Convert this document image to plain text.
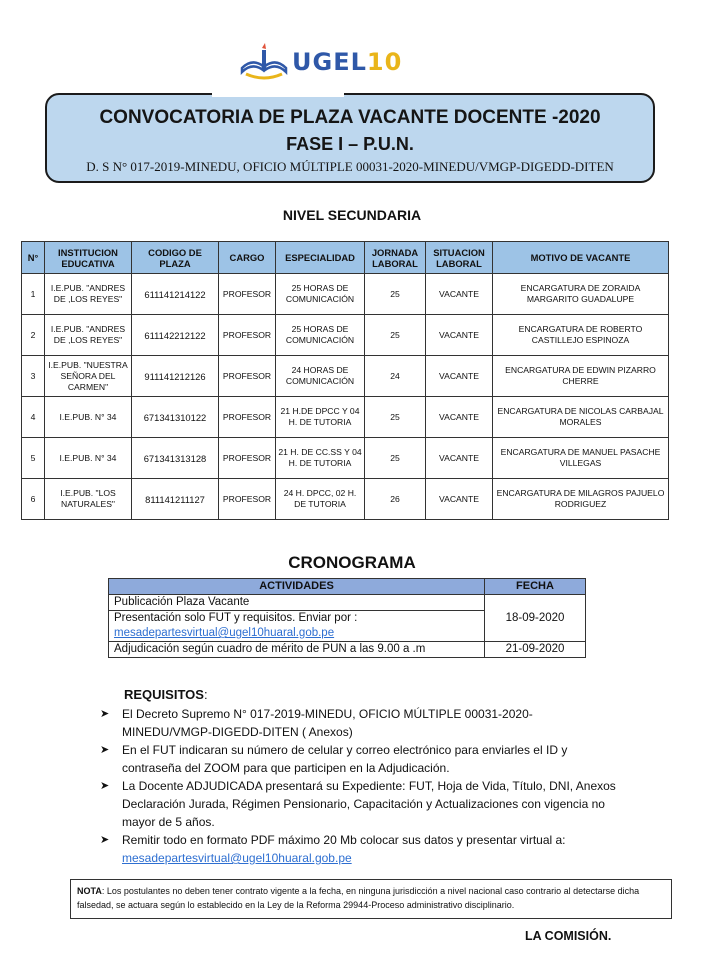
UGEL10
CONVOCATORIA DE PLAZA VACANTE DOCENTE -2020
FASE I – P.U.N.
D. S N° 017-2019-MINEDU, OFICIO MÚLTIPLE 00031-2020-MINEDU/VMGP-DIGEDD-DITEN
NIVEL SECUNDARIA
N°	INSTITUCION EDUCATIVA	CODIGO DE PLAZA	CARGO	ESPECIALIDAD	JORNADA LABORAL	SITUACION LABORAL	MOTIVO DE VACANTE
1	I.E.PUB. "ANDRES DE ,LOS REYES"	611141214122	PROFESOR	25 HORAS DE COMUNICACIÓN	25	VACANTE	ENCARGATURA DE ZORAIDA MARGARITO GUADALUPE
2	I.E.PUB. "ANDRES DE ,LOS REYES"	611142212122	PROFESOR	25 HORAS DE COMUNICACIÓN	25	VACANTE	ENCARGATURA DE ROBERTO CASTILLEJO ESPINOZA
3	I.E.PUB. "NUESTRA SEÑORA DEL CARMEN"	911141212126	PROFESOR	24 HORAS DE COMUNICACIÓN	24	VACANTE	ENCARGATURA DE EDWIN PIZARRO CHERRE
4	I.E.PUB. N° 34	671341310122	PROFESOR	21 H.DE DPCC Y 04 H. DE TUTORIA	25	VACANTE	ENCARGATURA DE NICOLAS CARBAJAL MORALES
5	I.E.PUB. N° 34	671341313128	PROFESOR	21 H. DE CC.SS Y 04 H. DE TUTORIA	25	VACANTE	ENCARGATURA DE MANUEL PASACHE VILLEGAS
6	I.E.PUB. "LOS NATURALES"	811141211127	PROFESOR	24 H. DPCC, 02 H. DE TUTORIA	26	VACANTE	ENCARGATURA DE MILAGROS PAJUELO RODRIGUEZ
CRONOGRAMA
ACTIVIDADES	FECHA
Publicación Plaza Vacante	18-09-2020
Presentación solo FUT y requisitos. Enviar por :	
mesadepartesvirtual@ugel10huaral.gob.pe	
Adjudicación según cuadro de mérito de PUN a las 9.00 a .m	21-09-2020
REQUISITOS:
➤	El Decreto Supremo N° 017-2019-MINEDU, OFICIO MÚLTIPLE 00031-2020-MINEDU/VMGP-DIGEDD-DITEN ( Anexos)
➤	En el FUT indicaran su número de celular y correo electrónico para enviarles el ID y contraseña del ZOOM para que participen en la Adjudicación.
➤	La Docente ADJUDICADA presentará su Expediente: FUT, Hoja de Vida, Título, DNI, Anexos Declaración Jurada, Régimen Pensionario, Capacitación y Actualizaciones con vigencia no mayor de 5 años.
➤	Remitir todo en formato PDF máximo 20 Mb colocar sus datos y presentar virtual a:
mesadepartesvirtual@ugel10huaral.gob.pe
NOTA: Los postulantes no deben tener contrato vigente a la fecha, en ninguna jurisdicción a nivel nacional caso contrario al detectarse dicha falsedad, se actuara según lo establecido en la Ley de la Reforma 29944-Proceso administrativo disciplinario.
LA COMISIÓN.
